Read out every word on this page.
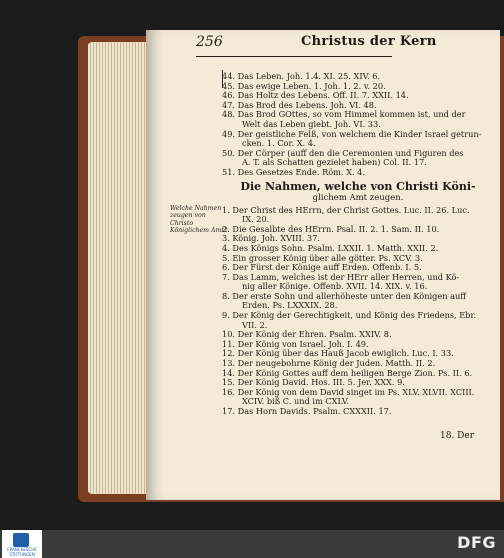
256	Christus der Kern
Welche Nahmen zeugen von Christo Königlichem Amt?
44. Das Leben. Joh. 1.4. XI. 25. XIV. 6.
45. Das ewige Leben. 1. Joh. 1. 2. v. 20.
46. Das Holtz des Lebens. Off. II. 7. XXII. 14.
47. Das Brod des Lebens. Joh. VI. 48.
48. Das Brod GOttes, so vom Himmel kommen ist, und der
Welt das Leben giebt. Joh. VI. 33.
49. Der geistliche Felß, von welchem die Kinder Israel getrun-
cken. 1. Cor. X. 4.
50. Der Cörper (auff den die Ceremonien und Figuren des
A. T. als Schatten gezielet haben) Col. II. 17.
51. Des Gesetzes Ende. Röm. X. 4.
Die Nahmen, welche von Christi Köni-
glichem Amt zeugen.
1. Der Christ des HErrn, der Christ Gottes. Luc. II. 26. Luc.
IX. 20.
2. Die Gesalbte des HErrn. Psal. II. 2. 1. Sam. II. 10.
3. König. Joh. XVIII. 37.
4. Des Königs Sohn. Psalm. LXXII. 1. Matth. XXII. 2.
5. Ein grosser König über alle götter. Ps. XCV. 3.
6. Der Fürst der Könige auff Erden. Offenb. I. 5.
7. Das Lamm, welches ist der HErr aller Herren, und Kö-
nig aller Könige. Offenb. XVII. 14. XIX. v. 16.
8. Der erste Sohn und allerhöheste unter den Königen auff
Erden. Ps. LXXXIX. 28.
9. Der König der Gerechtigkeit, und König des Friedens, Ebr.
VII. 2.
10. Der König der Ehren. Psalm. XXIV. 8.
11. Der König von Israel. Joh. I. 49.
12. Der König über das Hauß Jacob ewiglich. Luc. I. 33.
13. Der neugebohrne König der Juden. Matth. II. 2.
14. Der König Gottes auff dem heiligen Berge Zion. Ps. II. 6.
15. Der König David. Hos. III. 5. Jer. XXX. 9.
16. Der König von dem David singet im Ps. XLV. XLVII. XCIII.
XCIV. biß C. und im CXLV.
17. Das Horn Davids. Psalm. CXXXII. 17.
18. Der
FRANCKESCHE STIFTUNGEN
DFG
